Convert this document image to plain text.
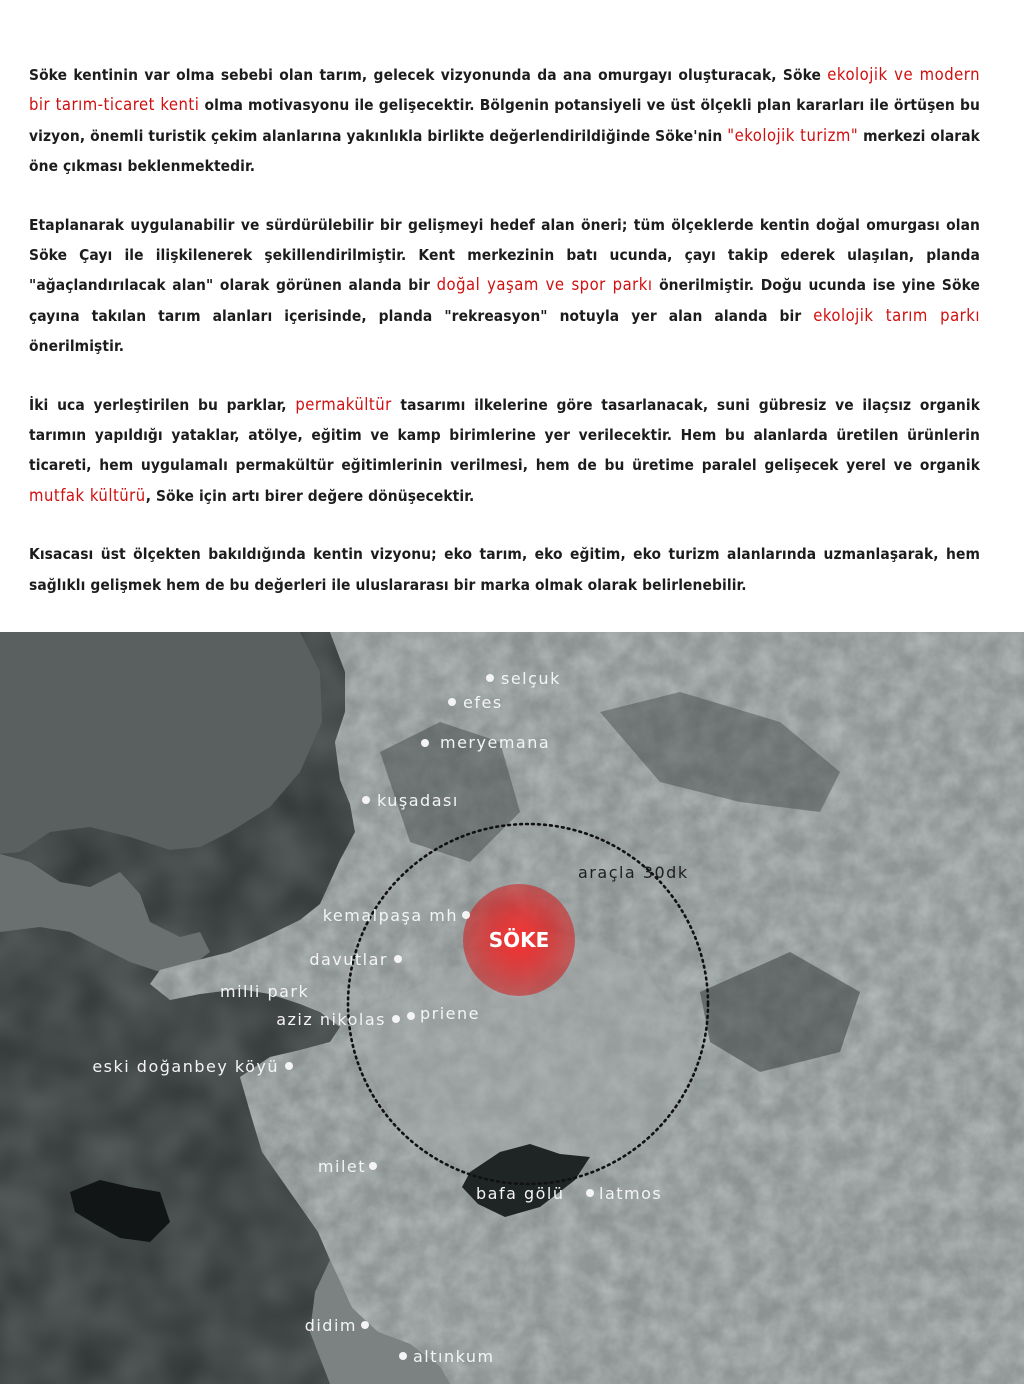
Söke kentinin var olma sebebi olan tarım, gelecek vizyonunda da ana omurgayı oluşturacak, Söke ekolojik ve modern bir tarım-ticaret kenti olma motivasyonu ile gelişecektir. Bölgenin potansiyeli ve üst ölçekli plan kararları ile örtüşen bu vizyon, önemli turistik çekim alanlarına yakınlıkla birlikte değerlendirildiğinde Söke'nin "ekolojik turizm" merkezi olarak öne çıkması beklenmektedir.

Etaplanarak uygulanabilir ve sürdürülebilir bir gelişmeyi hedef alan öneri; tüm ölçeklerde kentin doğal omurgası olan Söke Çayı ile ilişkilenerek şekillendirilmiştir. Kent merkezinin batı ucunda, çayı takip ederek ulaşılan, planda "ağaçlandırılacak alan" olarak görünen alanda bir doğal yaşam ve spor parkı önerilmiştir. Doğu ucunda ise yine Söke çayına takılan tarım alanları içerisinde, planda "rekreasyon" notuyla yer alan alanda bir ekolojik tarım parkı önerilmiştir.

İki uca yerleştirilen bu parklar, permakültür tasarımı ilkelerine göre tasarlanacak, suni gübresiz ve ilaçsız organik tarımın yapıldığı yataklar, atölye, eğitim ve kamp birimlerine yer verilecektir. Hem bu alanlarda üretilen ürünlerin ticareti, hem uygulamalı permakültür eğitimlerinin verilmesi, hem de bu üretime paralel gelişecek yerel ve organik mutfak kültürü, Söke için artı birer değere dönüşecektir.

Kısacası üst ölçekten bakıldığında kentin vizyonu; eko tarım, eko eğitim, eko turizm alanlarında uzmanlaşarak, hem sağlıklı gelişmek hem de bu değerleri ile uluslararası bir marka olmak olarak belirlenebilir.

araçla 30dk
SÖKE
selçuk
efes
meryemana
kuşadası
kemalpaşa mh
davutlar
milli park
aziz nikolas priene
eski doğanbey köyü
milet
bafa gölü latmos
didim
altınkum
